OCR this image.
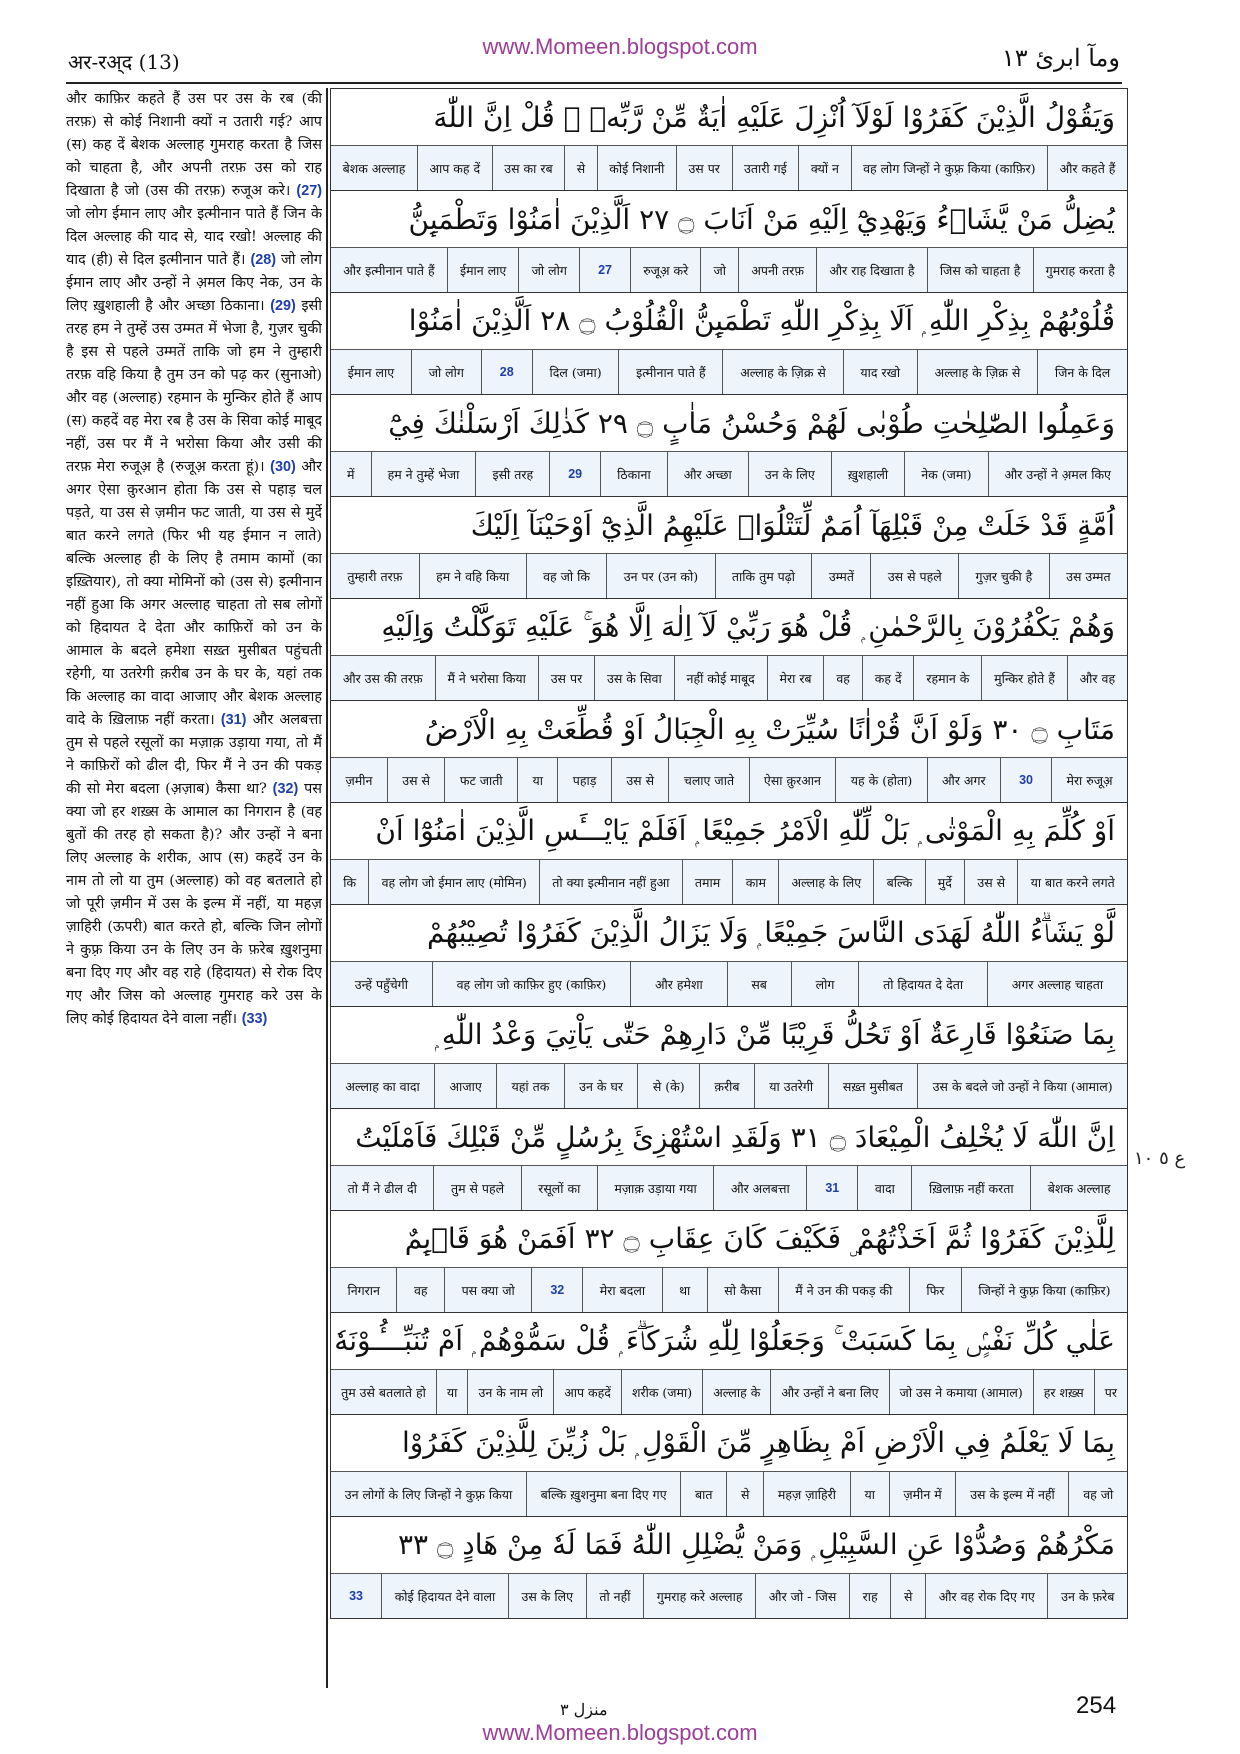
अर-रअ्द (13)
www.Momeen.blogspot.com	ومآ ابرئ ١٣
और काफ़िर कहते हैं उस पर उस के रब (की तरफ़) से कोई निशानी क्यों न उतारी गई? आप (स) कह दें बेशक अल्लाह गुमराह करता है जिस को चाहता है, और अपनी तरफ़ उस को राह दिखाता है जो (उस की तरफ़) रुजूअ करे। (27) जो लोग ईमान लाए और इत्मीनान पाते हैं जिन के दिल अल्लाह की याद से, याद रखो! अल्लाह की याद (ही) से दिल इत्मीनान पाते हैं। (28) जो लोग ईमान लाए और उन्हों ने अ़मल किए नेक, उन के लिए ख़ुशहाली है और अच्छा ठिकाना। (29) इसी तरह हम ने तुम्हें उस उम्मत में भेजा है, गुज़र चुकी है इस से पहले उम्मतें ताकि जो हम ने तुम्हारी तरफ़ वहि किया है तुम उन को पढ़ कर (सुनाओ) और वह (अल्लाह) रहमान के मुन्किर होते हैं आप (स) कहदें वह मेरा रब है उस के सिवा कोई माबूद नहीं, उस पर मैं ने भरोसा किया और उसी की तरफ़ मेरा रुजूअ़ है (रुजूअ़ करता हूं)। (30) और अगर ऐसा क़ुरआन होता कि उस से पहाड़ चल पड़ते, या उस से ज़मीन फट जाती, या उस से मुर्दे बात करने लगते (फिर भी यह ईमान न लाते) बल्कि अल्लाह ही के लिए है तमाम कामों (का इख़्तियार), तो क्या मोमिनों को (उस से) इत्मीनान नहीं हुआ कि अगर अल्लाह चाहता तो सब लोगों को हिदायत दे देता और काफ़िरों को उन के आमाल के बदले हमेशा सख़्त मुसीबत पहुंचती रहेगी, या उतरेगी क़रीब उन के घर के, यहां तक कि अल्लाह का वादा आजाए और बेशक अल्लाह वादे के ख़िलाफ़ नहीं करता। (31) और अलबत्ता तुम से पहले रसूलों का मज़ाक़ उड़ाया गया, तो मैं ने काफ़िरों को ढील दी, फिर मैं ने उन की पकड़ की सो मेरा बदला (अ़ज़ाब) कैसा था? (32) पस क्या जो हर शख़्स के आमाल का निगरान है (वह बुतों की तरह हो सकता है)? और उन्हों ने बना लिए अल्लाह के शरीक, आप (स) कहदें उन के नाम तो लो या तुम (अल्लाह) को वह बतलाते हो जो पूरी ज़मीन में उस के इल्म में नहीं, या महज़ ज़ाहिरी (ऊपरी) बात करते हो, बल्कि जिन लोगों ने कुफ़्र किया उन के लिए उन के फ़रेब ख़ुशनुमा बना दिए गए और वह राहे (हिदायत) से रोक दिए गए और जिस को अल्लाह गुमराह करे उस के लिए कोई हिदायत देने वाला नहीं। (33)
وَيَقُوْلُ الَّذِيْنَ كَفَرُوْا لَوْلَآ اُنْزِلَ عَلَيْهِ اٰيَةٌ مِّنْ رَّبِّهٖ ۭ قُلْ اِنَّ اللّٰهَ
और कहते हैं
वह लोग जिन्हों ने कुफ़्र किया (काफ़िर)
क्यों न
उतारी गई
उस पर
कोई निशानी
से
उस का रब
आप कह दें
बेशक अल्लाह
يُضِلُّ مَنْ يَّشَاۗءُ وَيَهْدِيْٓ اِلَيْهِ مَنْ اَنَابَ ۝ ٢٧ اَلَّذِيْنَ اٰمَنُوْا وَتَطْمَىِٕنُّ
गुमराह करता है
जिस को चाहता है
और राह दिखाता है
अपनी तरफ़
जो
रुजूअ़ करे
27
जो लोग
ईमान लाए
और इत्मीनान पाते हैं
قُلُوْبُهُمْ بِذِكْرِ اللّٰهِ ۭ اَلَا بِذِكْرِ اللّٰهِ تَطْمَىِٕنُّ الْقُلُوْبُ ۝ ٢٨ اَلَّذِيْنَ اٰمَنُوْا
जिन के दिल
अल्लाह के ज़िक्र से
याद रखो
अल्लाह के ज़िक्र से
इत्मीनान पाते हैं
दिल (जमा)
28
जो लोग
ईमान लाए
وَعَمِلُوا الصّٰلِحٰتِ طُوْبٰى لَهُمْ وَحُسْنُ مَاٰبٍ ۝ ٢٩ كَذٰلِكَ اَرْسَلْنٰكَ فِيْٓ
और उन्हों ने अ़मल किए
नेक (जमा)
ख़ुशहाली
उन के लिए
और अच्छा
ठिकाना
29
इसी तरह
हम ने तुम्हें भेजा
में
اُمَّةٍ قَدْ خَلَتْ مِنْ قَبْلِهَآ اُمَمٌ لِّتَتْلُوَا۟ عَلَيْهِمُ الَّذِيْٓ اَوْحَيْنَآ اِلَيْكَ
उस उम्मत
गुज़र चुकी है
उस से पहले
उम्मतें
ताकि तुम पढ़ो
उन पर (उन को)
वह जो कि
हम ने वहि किया
तुम्हारी तरफ़
وَهُمْ يَكْفُرُوْنَ بِالرَّحْمٰنِ ۭ قُلْ هُوَ رَبِّيْ لَآ اِلٰهَ اِلَّا هُوَ ۚ عَلَيْهِ تَوَكَّلْتُ وَاِلَيْهِ
और वह
मुन्किर होते हैं
रहमान के
कह दें
वह
मेरा रब
नहीं कोई माबूद
उस के सिवा
उस पर
मैं ने भरोसा किया
और उस की तरफ़
مَتَابِ ۝ ٣٠ وَلَوْ اَنَّ قُرْاٰنًا سُيِّرَتْ بِهِ الْجِبَالُ اَوْ قُطِّعَتْ بِهِ الْاَرْضُ
मेरा रुजूअ़
30
और अगर
यह के (होता)
ऐसा क़ुरआन
चलाए जाते
उस से
पहाड़
या
फट जाती
उस से
ज़मीन
اَوْ كُلِّمَ بِهِ الْمَوْتٰى ۭ بَلْ لِّلّٰهِ الْاَمْرُ جَمِيْعًا ۭ اَفَلَمْ يَايْـــَٔسِ الَّذِيْنَ اٰمَنُوْٓا اَنْ
या बात करने लगते
उस से
मुर्दे
बल्कि
अल्लाह के लिए
काम
तमाम
तो क्या इत्मीनान नहीं हुआ
वह लोग जो ईमान लाए (मोमिन)
कि
لَّوْ يَشَاۗءُ اللّٰهُ لَهَدَى النَّاسَ جَمِيْعًا ۭ وَلَا يَزَالُ الَّذِيْنَ كَفَرُوْا تُصِيْبُهُمْ
अगर अल्लाह चाहता
तो हिदायत दे देता
लोग
सब
और हमेशा
वह लोग जो काफ़िर हुए (काफ़िर)
उन्हें पहुँचेगी
بِمَا صَنَعُوْا قَارِعَةٌ اَوْ تَحُلُّ قَرِيْبًا مِّنْ دَارِهِمْ حَتّٰى يَاْتِيَ وَعْدُ اللّٰهِ ۭ
उस के बदले जो उन्हों ने किया (आमाल)
सख़्त मुसीबत
या उतरेगी
क़रीब
से (के)
उन के घर
यहां तक
आजाए
अल्लाह का वादा
اِنَّ اللّٰهَ لَا يُخْلِفُ الْمِيْعَادَ ۝ ٣١ وَلَقَدِ اسْتُهْزِئَ بِرُسُلٍ مِّنْ قَبْلِكَ فَاَمْلَيْتُ
बेशक अल्लाह
ख़िलाफ़ नहीं करता
वादा
31
और अलबत्ता
मज़ाक़ उड़ाया गया
रसूलों का
तुम से पहले
तो मैं ने ढील दी
لِلَّذِيْنَ كَفَرُوْا ثُمَّ اَخَذْتُهُمْ ۣ فَكَيْفَ كَانَ عِقَابِ ۝ ٣٢ اَفَمَنْ هُوَ قَاۗىِٕمٌ
जिन्हों ने कुफ़्र किया (काफ़िर)
फिर
मैं ने उन की पकड़ की
सो कैसा
था
मेरा बदला
32
पस क्या जो
वह
निगरान
عَلٰي كُلِّ نَفْسٍۢ بِمَا كَسَبَتْ ۚ وَجَعَلُوْا لِلّٰهِ شُرَكَاۗءَ ۭ قُلْ سَمُّوْهُمْ ۭ اَمْ تُنَبِّـــُٔـوْنَهٗ
पर
हर शख़्स
जो उस ने कमाया (आमाल)
और उन्हों ने बना लिए
अल्लाह के
शरीक (जमा)
आप कहदें
उन के नाम लो
या
तुम उसे बतलाते हो
بِمَا لَا يَعْلَمُ فِي الْاَرْضِ اَمْ بِظَاهِرٍ مِّنَ الْقَوْلِ ۭ بَلْ زُيِّنَ لِلَّذِيْنَ كَفَرُوْا
वह जो
उस के इल्म में नहीं
ज़मीन में
या
महज़ ज़ाहिरी
से
बात
बल्कि ख़ुशनुमा बना दिए गए
उन लोगों के लिए जिन्हों ने कुफ़्र किया
مَكْرُهُمْ وَصُدُّوْا عَنِ السَّبِيْلِ ۭ وَمَنْ يُّضْلِلِ اللّٰهُ فَمَا لَهٗ مِنْ هَادٍ ۝ ٣٣
उन के फ़रेब
और वह रोक दिए गए
से
राह
और जो - जिस
गुमराह करे अल्लाह
तो नहीं
उस के लिए
कोई हिदायत देने वाला
33
ع ٥ ١٠
منزل ٣	254
www.Momeen.blogspot.com
